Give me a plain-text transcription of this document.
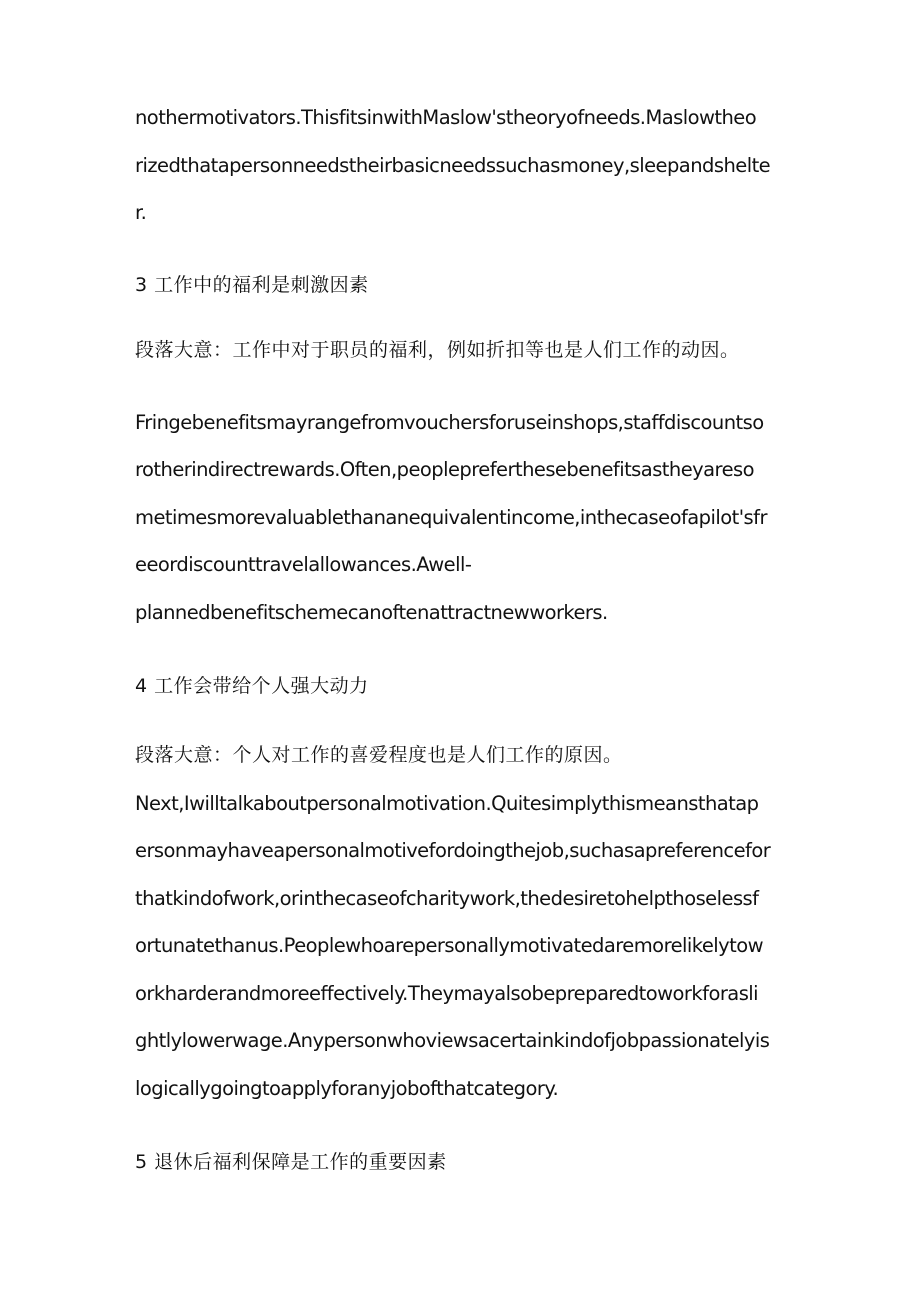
nothermotivators.ThisfitsinwithMaslow'stheoryofneeds.Maslowtheo

rizedthatapersonneedstheirbasicneedssuchasmoney,sleepandshelte

r.

3 工作中的福利是刺激因素

段落大意：工作中对于职员的福利，例如折扣等也是人们工作的动因。

Fringebenefitsmayrangefromvouchersforuseinshops,staffdiscountso

rotherindirectrewards.Often,peoplepreferthesebenefitsastheyareso

metimesmorevaluablethananequivalentincome,inthecaseofapilot'sfr

eeordiscounttravelallowances.Awell-

plannedbenefitschemecanoftenattractnewworkers.

4 工作会带给个人强大动力

段落大意：个人对工作的喜爱程度也是人们工作的原因。

Next,Iwilltalkaboutpersonalmotivation.Quitesimplythismeansthatap

ersonmayhaveapersonalmotivefordoingthejob,suchasapreferencefor

thatkindofwork,orinthecaseofcharitywork,thedesiretohelpthoselessf

ortunatethanus.Peoplewhoarepersonallymotivatedaremorelikelytow

orkharderandmoreeffectively.Theymayalsobepreparedtoworkforasli

ghtlylowerwage.Anypersonwhoviewsacertainkindofjobpassionatelyis

logicallygoingtoapplyforanyjobofthatcategory.

5 退休后福利保障是工作的重要因素
